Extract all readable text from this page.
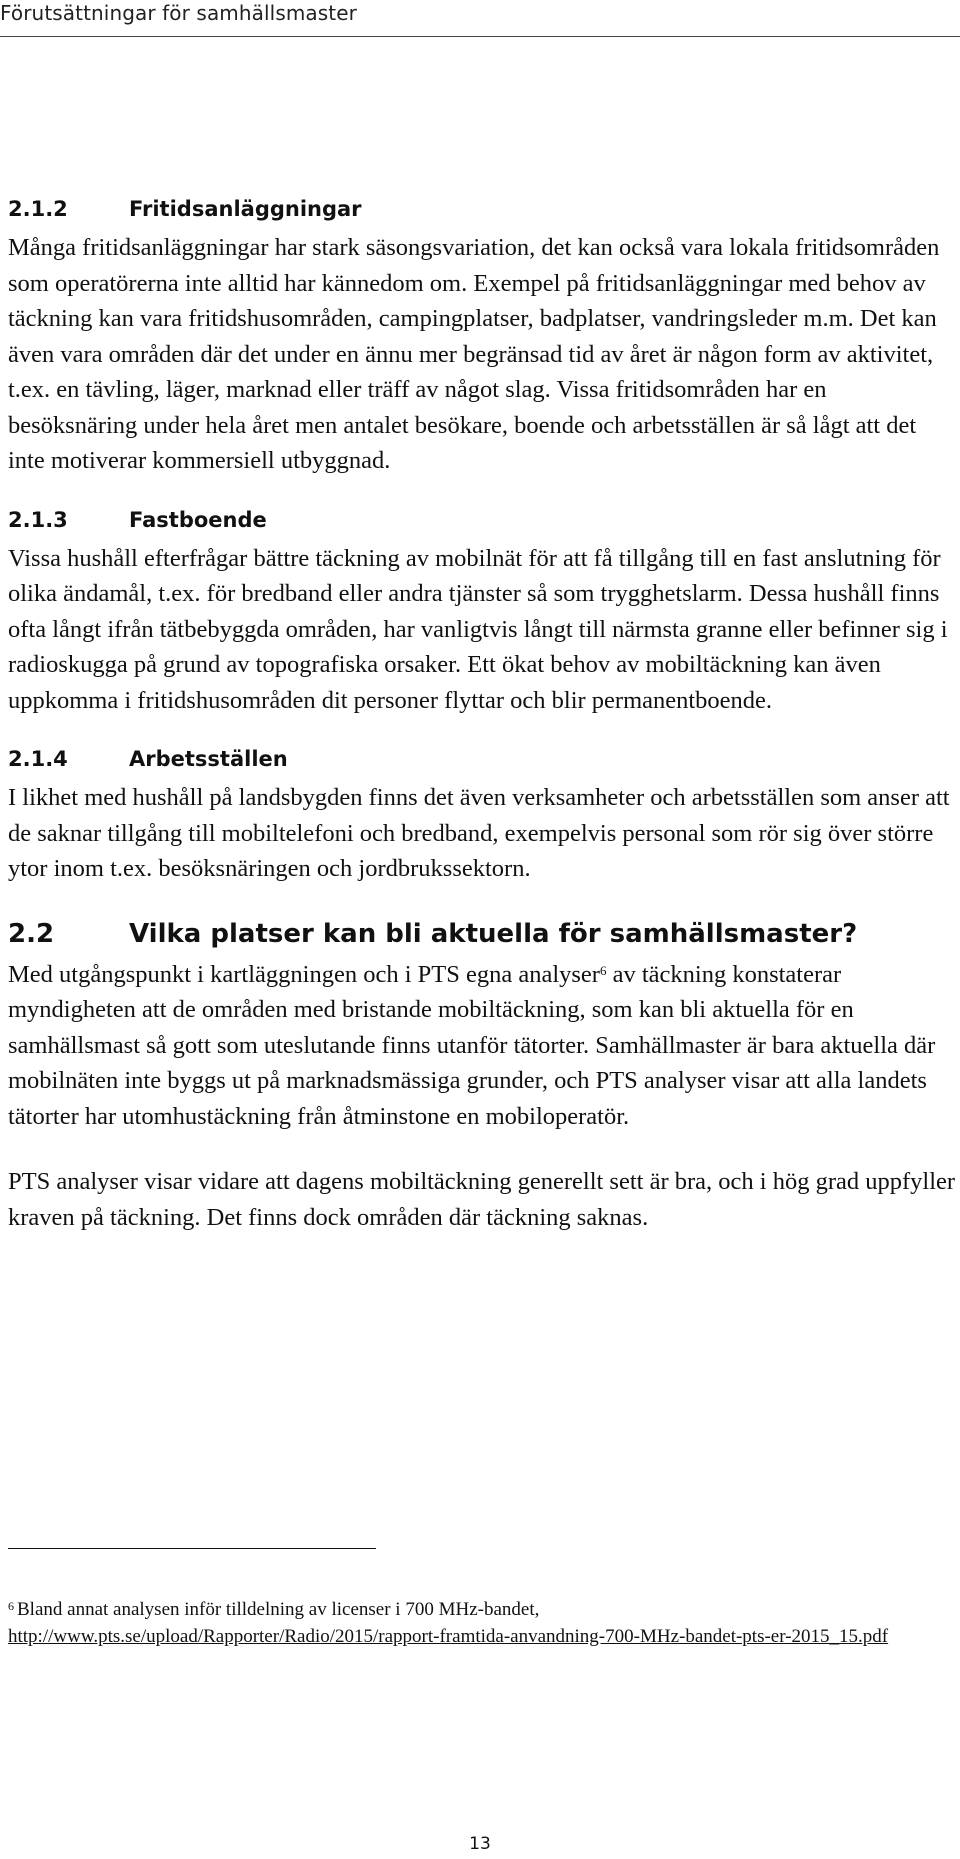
Förutsättningar för samhällsmaster
2.1.2	Fritidsanläggningar

Många fritidsanläggningar har stark säsongsvariation, det kan också vara lokala fritidsområden som operatörerna inte alltid har kännedom om. Exempel på fritidsanläggningar med behov av täckning kan vara fritidshusområden, campingplatser, badplatser, vandringsleder m.m. Det kan även vara områden där det under en ännu mer begränsad tid av året är någon form av aktivitet, t.ex. en tävling, läger, marknad eller träff av något slag. Vissa fritidsområden har en besöksnäring under hela året men antalet besökare, boende och arbetsställen är så lågt att det inte motiverar kommersiell utbyggnad.

2.1.3	Fastboende

Vissa hushåll efterfrågar bättre täckning av mobilnät för att få tillgång till en fast anslutning för olika ändamål, t.ex. för bredband eller andra tjänster så som trygghetslarm. Dessa hushåll finns ofta långt ifrån tätbebyggda områden, har vanligtvis långt till närmsta granne eller befinner sig i radioskugga på grund av topografiska orsaker. Ett ökat behov av mobiltäckning kan även uppkomma i fritidshusområden dit personer flyttar och blir permanentboende.

2.1.4	Arbetsställen

I likhet med hushåll på landsbygden finns det även verksamheter och arbetsställen som anser att de saknar tillgång till mobiltelefoni och bredband, exempelvis personal som rör sig över större ytor inom t.ex. besöksnäringen och jordbrukssektorn.

2.2	Vilka platser kan bli aktuella för samhällsmaster?

Med utgångspunkt i kartläggningen och i PTS egna analyser$^6$ av täckning konstaterar myndigheten att de områden med bristande mobiltäckning, som kan bli aktuella för en samhällsmast så gott som uteslutande finns utanför tätorter. Samhällmaster är bara aktuella där mobilnäten inte byggs ut på marknadsmässiga grunder, och PTS analyser visar att alla landets tätorter har utomhustäckning från åtminstone en mobiloperatör.

PTS analyser visar vidare att dagens mobiltäckning generellt sett är bra, och i hög grad uppfyller kraven på täckning. Det finns dock områden där täckning saknas.

$^6$ Bland annat analysen inför tilldelning av licenser i 700 MHz-bandet,
http://www.pts.se/upload/Rapporter/Radio/2015/rapport-framtida-anvandning-700-MHz-bandet-pts-er-2015_15.pdf
13
